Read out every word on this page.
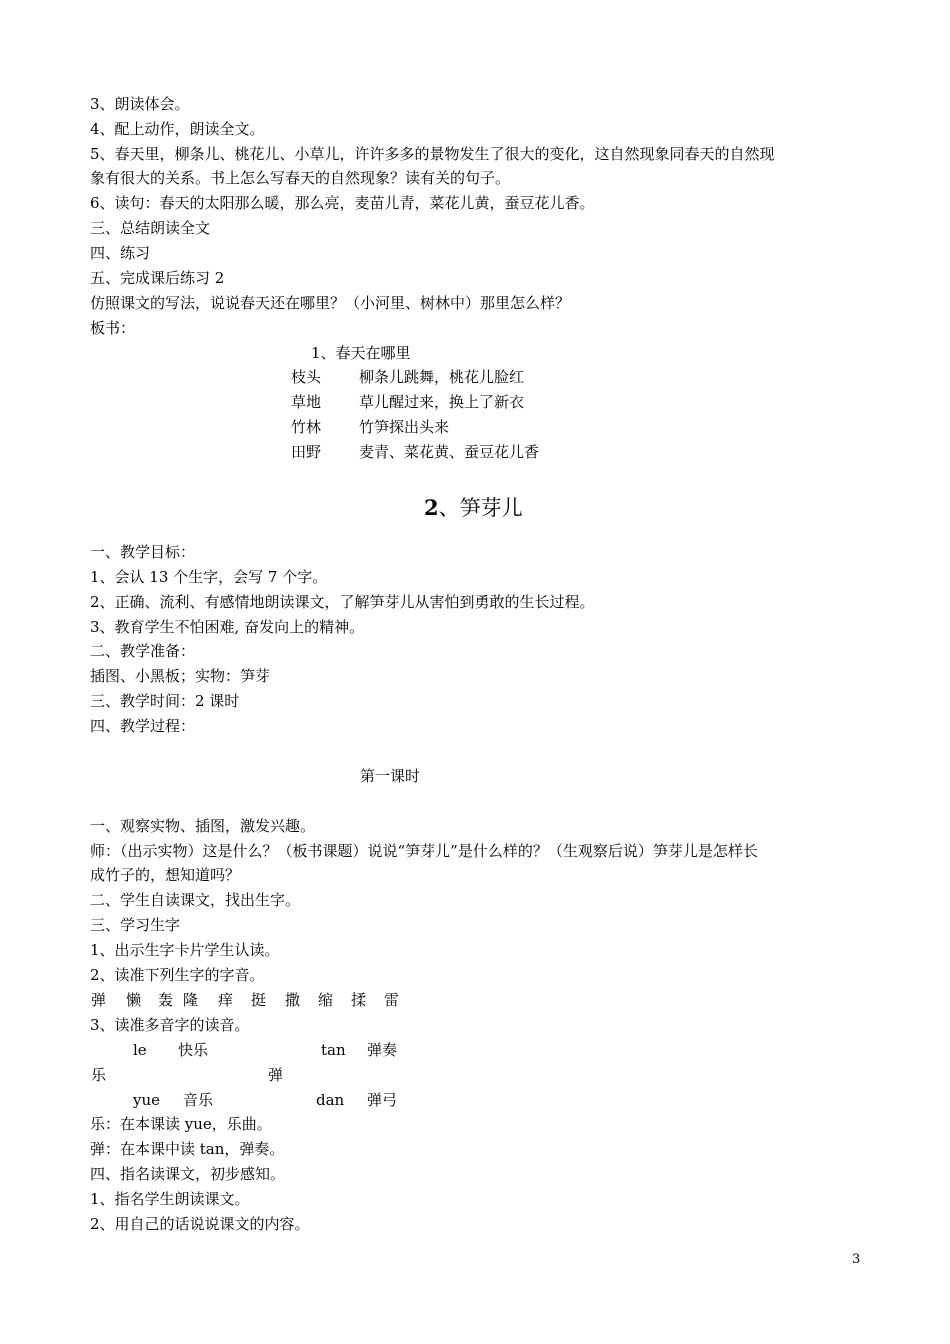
3、朗读体会。
4、配上动作，朗读全文。
5、春天里，柳条儿、桃花儿、小草儿，许许多多的景物发生了很大的变化，这自然现象同春天的自然现
象有很大的关系。书上怎么写春天的自然现象？读有关的句子。
6、读句：春天的太阳那么暖，那么亮，麦苗儿青，菜花儿黄，蚕豆花儿香。
三、总结朗读全文
四、练习
五、完成课后练习 2
仿照课文的写法，说说春天还在哪里？（小河里、树林中）那里怎么样？
板书：
1、春天在哪里
枝头	柳条儿跳舞，桃花儿脸红
草地	草儿醒过来，换上了新衣
竹林	竹笋探出头来
田野	麦青、菜花黄、蚕豆花儿香
2、笋芽儿
一、教学目标：
1、会认 13 个生字，会写 7 个字。
2、正确、流利、有感情地朗读课文，了解笋芽儿从害怕到勇敢的生长过程。
3、教育学生不怕困难, 奋发向上的精神。
二、教学准备：
插图、小黑板；实物：笋芽
三、教学时间：2 课时
四、教学过程：
第一课时
一、观察实物、插图，激发兴趣。
师：（出示实物）这是什么？（板书课题）说说“笋芽儿”是什么样的？（生观察后说）笋芽儿是怎样长
成竹子的，想知道吗？
二、学生自读课文，找出生字。
三、学习生字
1、出示生字卡片学生认读。
2、读准下列生字的字音。
弹 懒 轰 隆 痒 挺 撒 缩 揉 雷
3、读准多音字的读音。
le 快乐	tan 弹奏
乐	弹
yue 音乐	dan 弹弓
乐：在本课读 yue，乐曲。
弹：在本课中读 tan，弹奏。
四、指名读课文，初步感知。
1、指名学生朗读课文。
2、用自己的话说说课文的内容。
3
